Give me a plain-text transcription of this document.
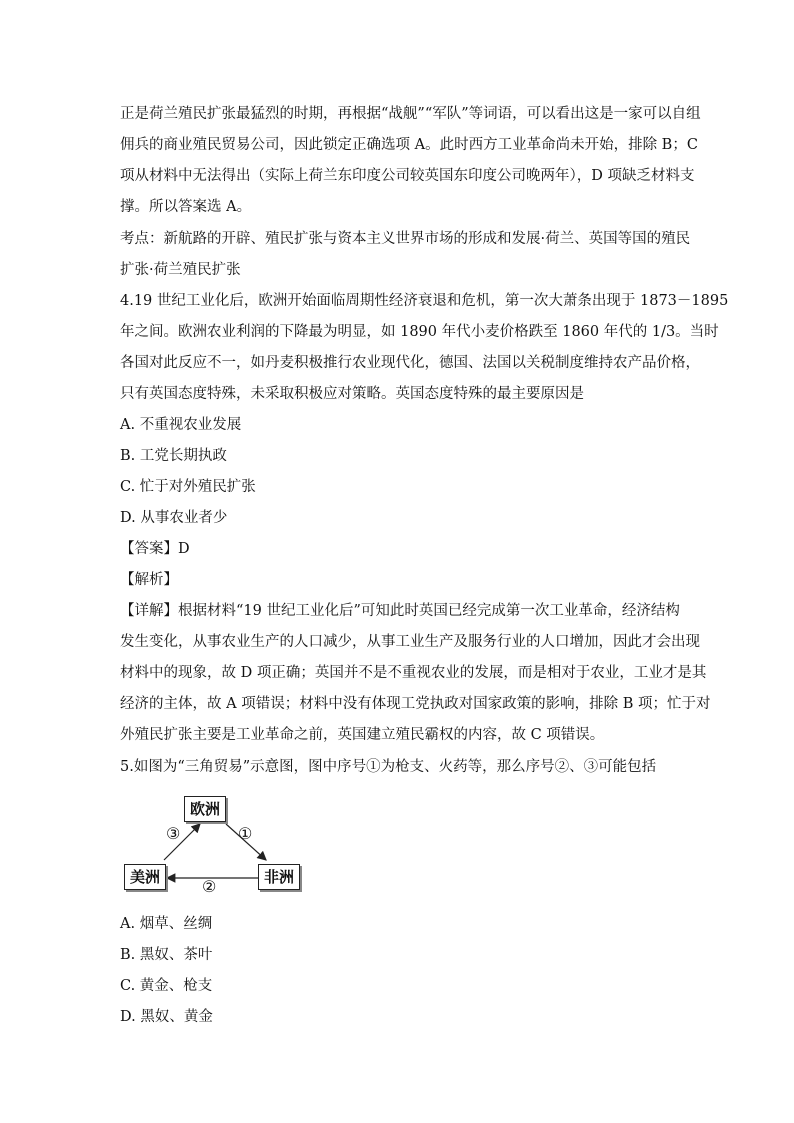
正是荷兰殖民扩张最猛烈的时期，再根据“战舰”“军队”等词语，可以看出这是一家可以自组
佣兵的商业殖民贸易公司，因此锁定正确选项 A。此时西方工业革命尚未开始，排除 B；C
项从材料中无法得出（实际上荷兰东印度公司较英国东印度公司晚两年），D 项缺乏材料支
撑。所以答案选 A。
考点：新航路的开辟、殖民扩张与资本主义世界市场的形成和发展·荷兰、英国等国的殖民
扩张·荷兰殖民扩张
4.19 世纪工业化后，欧洲开始面临周期性经济衰退和危机，第一次大萧条出现于 1873－1895
年之间。欧洲农业利润的下降最为明显，如 1890 年代小麦价格跌至 1860 年代的 1/3。当时
各国对此反应不一，如丹麦积极推行农业现代化，德国、法国以关税制度维持农产品价格，
只有英国态度特殊，未采取积极应对策略。英国态度特殊的最主要原因是
A. 不重视农业发展
B. 工党长期执政
C. 忙于对外殖民扩张
D. 从事农业者少
【答案】D
【解析】
【详解】根据材料“19 世纪工业化后”可知此时英国已经完成第一次工业革命，经济结构
发生变化，从事农业生产的人口减少，从事工业生产及服务行业的人口增加，因此才会出现
材料中的现象，故 D 项正确；英国并不是不重视农业的发展，而是相对于农业，工业才是其
经济的主体，故 A 项错误；材料中没有体现工党执政对国家政策的影响，排除 B 项；忙于对
外殖民扩张主要是工业革命之前，英国建立殖民霸权的内容，故 C 项错误。
5.如图为“三角贸易”示意图，图中序号①为枪支、火药等，那么序号②、③可能包括
欧洲
美洲	非洲
①
②
③
A. 烟草、丝绸
B. 黑奴、茶叶
C. 黄金、枪支
D. 黑奴、黄金
